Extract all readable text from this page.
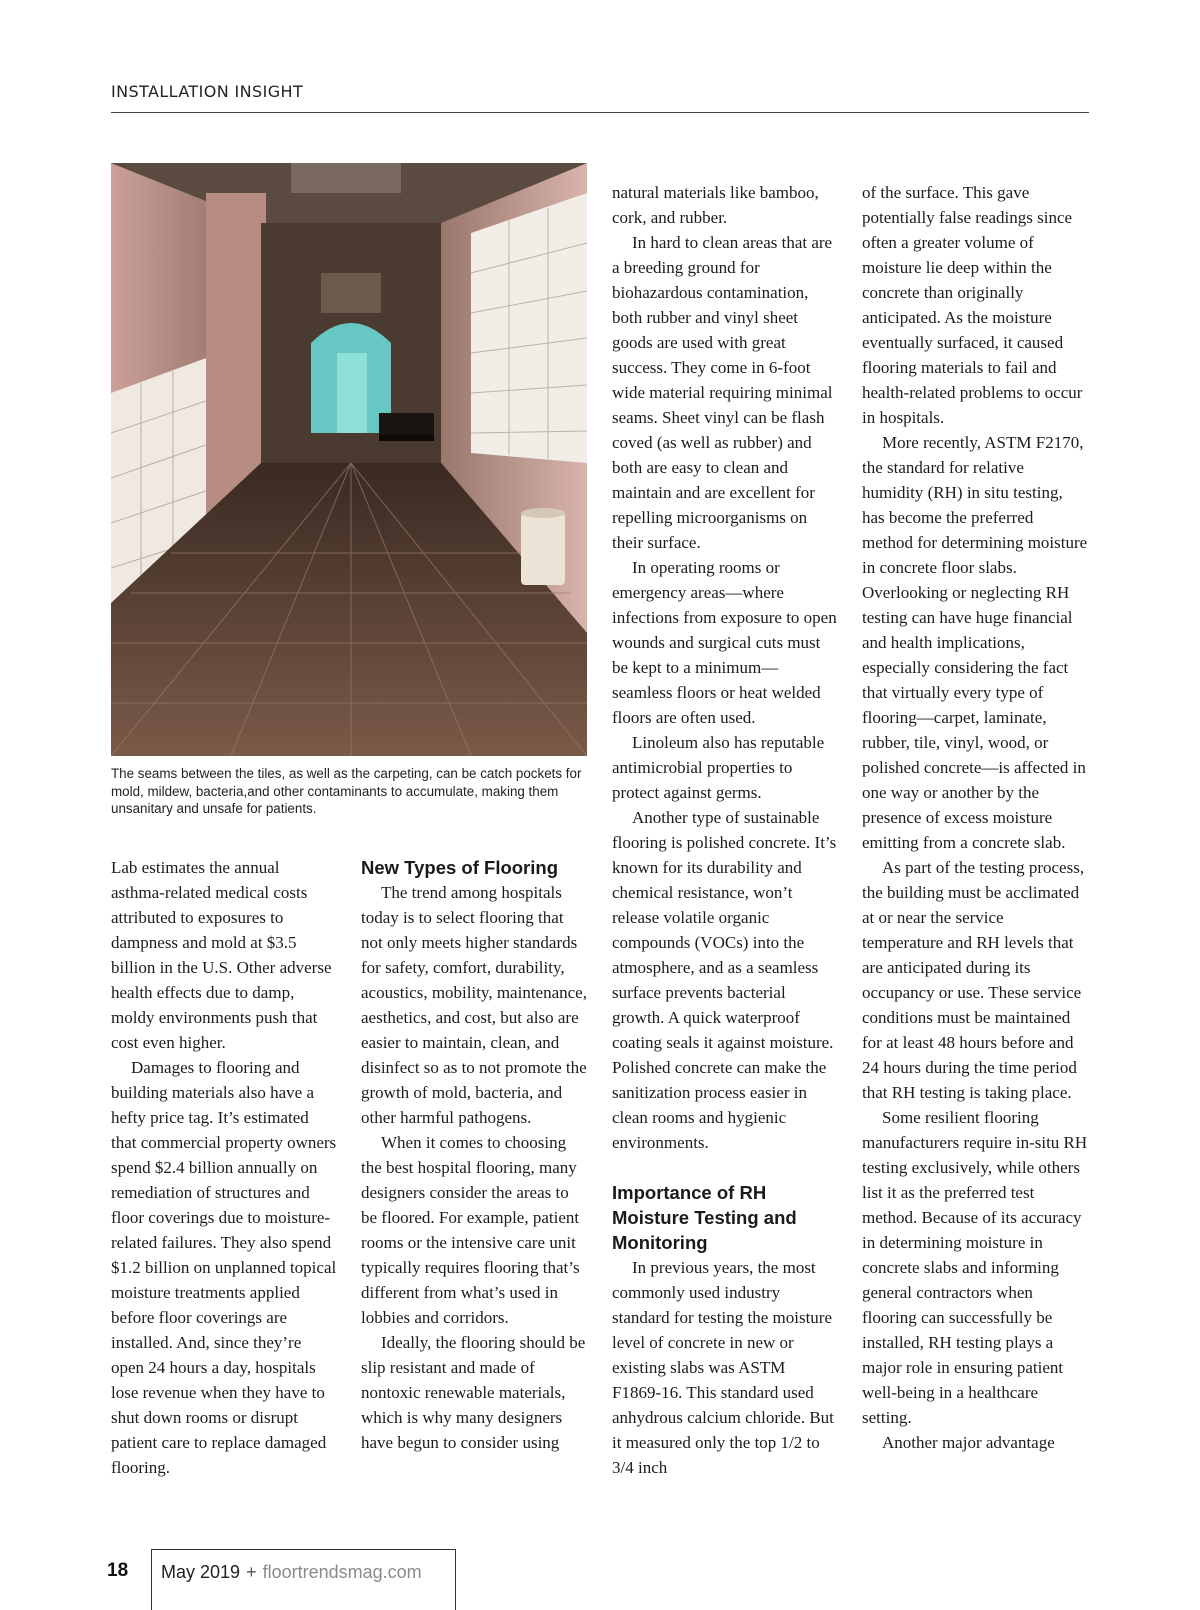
INSTALLATION INSIGHT

The seams between the tiles, as well as the carpeting, can be catch pockets for mold, mildew, bacteria,and other contaminants to accumulate, making them unsanitary and unsafe for patients.

Lab estimates the annual asthma-related medical costs attributed to exposures to dampness and mold at $3.5 billion in the U.S. Other adverse health effects due to damp, moldy environments push that cost even higher.

Damages to flooring and building materials also have a hefty price tag. It’s estimated that commercial property owners spend $2.4 billion annually on remediation of structures and floor coverings due to moisture-related failures. They also spend $1.2 billion on unplanned topical moisture treatments applied before floor coverings are installed. And, since they’re open 24 hours a day, hospitals lose revenue when they have to shut down rooms or disrupt patient care to replace damaged flooring.

New Types of Flooring

The trend among hospitals today is to select flooring that not only meets higher standards for safety, comfort, durability, acoustics, mobility, maintenance, aesthetics, and cost, but also are easier to maintain, clean, and disinfect so as to not promote the growth of mold, bacteria, and other harmful pathogens.

When it comes to choosing the best hospital flooring, many designers consider the areas to be floored. For example, patient rooms or the intensive care unit typically requires flooring that’s different from what’s used in lobbies and corridors.

Ideally, the flooring should be slip resistant and made of nontoxic renewable materials, which is why many designers have begun to consider using

natural materials like bamboo, cork, and rubber.

In hard to clean areas that are a breeding ground for biohazardous contamination, both rubber and vinyl sheet goods are used with great success. They come in 6-foot wide material requiring minimal seams. Sheet vinyl can be flash coved (as well as rubber) and both are easy to clean and maintain and are excellent for repelling microorganisms on their surface.

In operating rooms or emergency areas—where infections from exposure to open wounds and surgical cuts must be kept to a minimum— seamless floors or heat welded floors are often used.

Linoleum also has reputable antimicrobial properties to protect against germs.

Another type of sustainable flooring is polished concrete. It’s known for its durability and chemical resistance, won’t release volatile organic compounds (VOCs) into the atmosphere, and as a seamless surface prevents bacterial growth. A quick waterproof coating seals it against moisture. Polished concrete can make the sanitization process easier in clean rooms and hygienic environments.

Importance of RH Moisture Testing and Monitoring

In previous years, the most commonly used industry standard for testing the moisture level of concrete in new or existing slabs was ASTM F1869-16. This standard used anhydrous calcium chloride. But it measured only the top 1/2 to 3/4 inch

of the surface. This gave potentially false readings since often a greater volume of moisture lie deep within the concrete than originally anticipated. As the moisture eventually surfaced, it caused flooring materials to fail and health-related problems to occur in hospitals.

More recently, ASTM F2170, the standard for relative humidity (RH) in situ testing, has become the preferred method for determining moisture in concrete floor slabs. Overlooking or neglecting RH testing can have huge financial and health implications, especially considering the fact that virtually every type of flooring—carpet, laminate, rubber, tile, vinyl, wood, or polished concrete—is affected in one way or another by the presence of excess moisture emitting from a concrete slab.

As part of the testing process, the building must be acclimated at or near the service temperature and RH levels that are anticipated during its occupancy or use. These service conditions must be maintained for at least 48 hours before and 24 hours during the time period that RH testing is taking place.

Some resilient flooring manufacturers require in-situ RH testing exclusively, while others list it as the preferred test method. Because of its accuracy in determining moisture in concrete slabs and informing general contractors when flooring can successfully be installed, RH testing plays a major role in ensuring patient well-being in a healthcare setting.

Another major advantage

18 May 2019 + floortrendsmag.com
